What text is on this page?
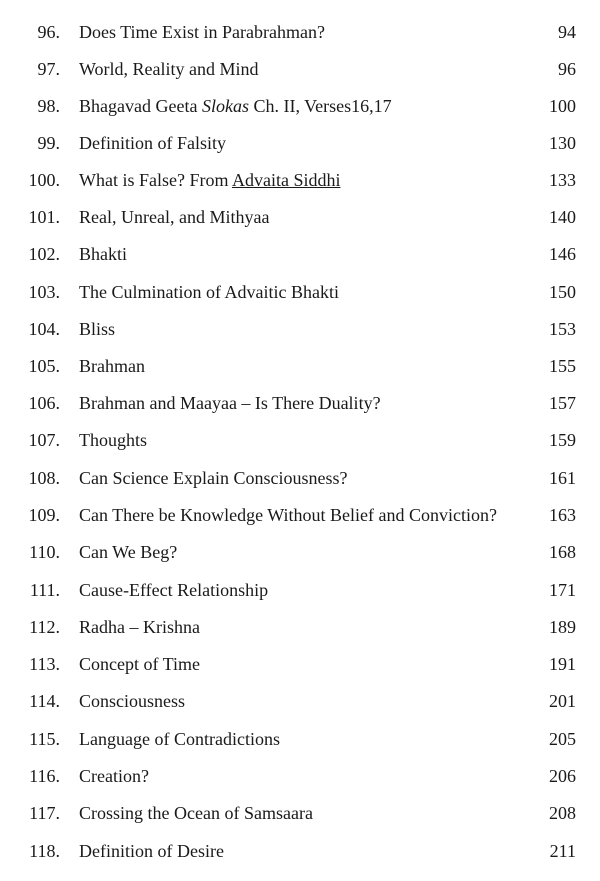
96. Does Time Exist in Parabrahman?	94
97. World, Reality and Mind	96
98. Bhagavad Geeta Slokas Ch. II, Verses16,17	100
99. Definition of Falsity	130
100. What is False? From Advaita Siddhi	133
101. Real, Unreal, and Mithyaa	140
102. Bhakti	146
103. The Culmination of Advaitic Bhakti	150
104. Bliss	153
105. Brahman	155
106. Brahman and Maayaa – Is There Duality?	157
107. Thoughts	159
108. Can Science Explain Consciousness?	161
109. Can There be Knowledge Without Belief and Conviction?	163
110. Can We Beg?	168
111. Cause-Effect Relationship	171
112. Radha – Krishna	189
113. Concept of Time	191
114. Consciousness	201
115. Language of Contradictions	205
116. Creation?	206
117. Crossing the Ocean of Samsaara	208
118. Definition of Desire	211
